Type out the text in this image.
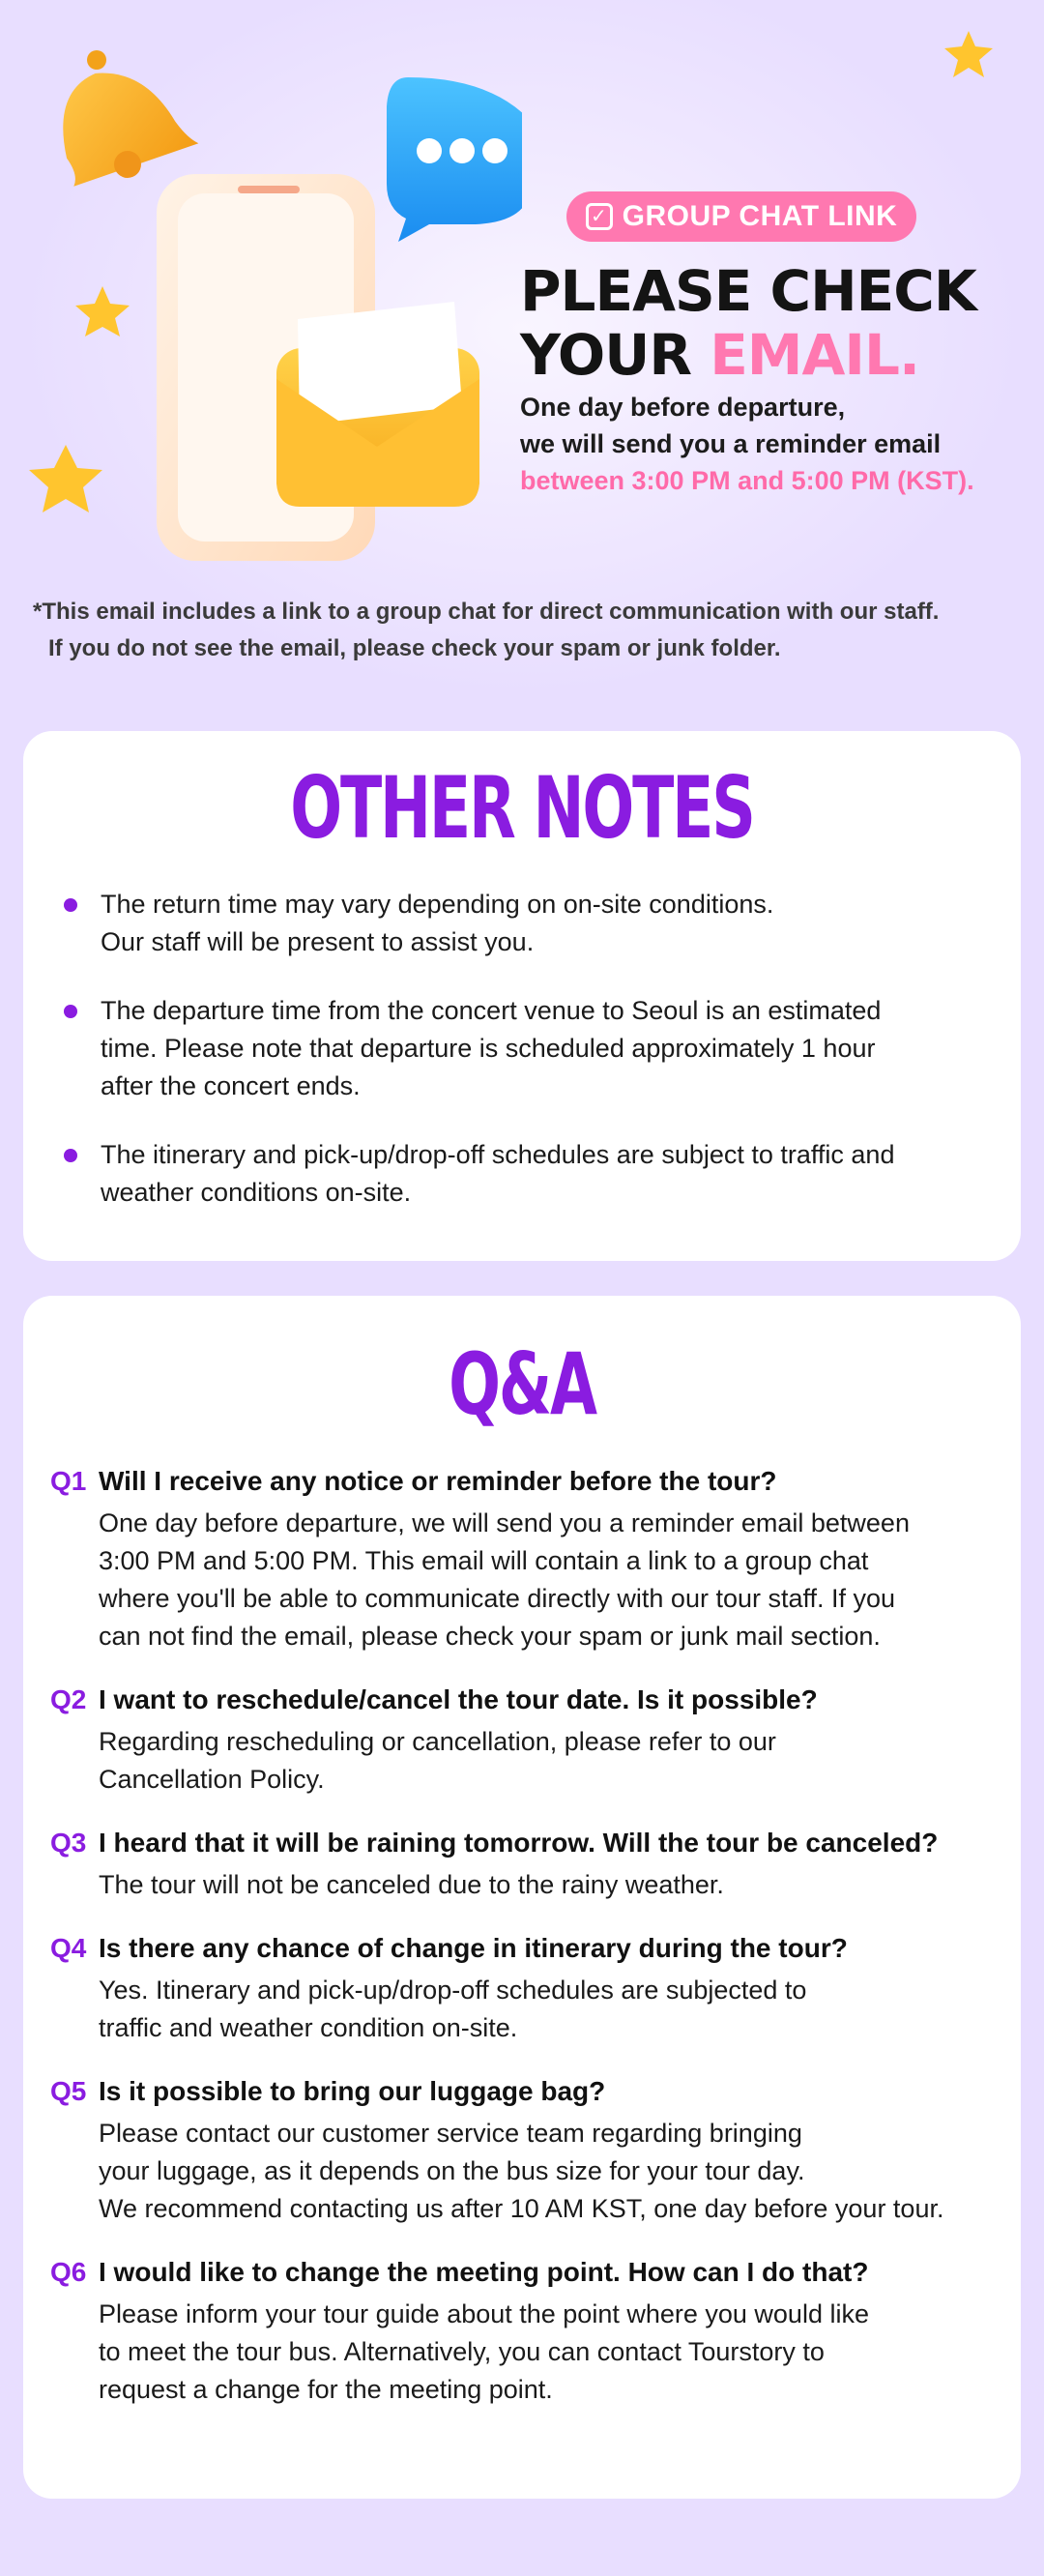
✓ GROUP CHAT LINK
PLEASE CHECK
YOUR EMAIL.
One day before departure,
we will send you a reminder email
between 3:00 PM and 5:00 PM (KST).
*This email includes a link to a group chat for direct communication with our staff.
If you do not see the email, please check your spam or junk folder.
OTHER NOTES
The return time may vary depending on on-site conditions.
Our staff will be present to assist you.
The departure time from the concert venue to Seoul is an estimated
time. Please note that departure is scheduled approximately 1 hour
after the concert ends.
The itinerary and pick-up/drop-off schedules are subject to traffic and
weather conditions on-site.
Q&A
Q1 Will I receive any notice or reminder before the tour?
One day before departure, we will send you a reminder email between
3:00 PM and 5:00 PM. This email will contain a link to a group chat
where you'll be able to communicate directly with our tour staff. If you
can not find the email, please check your spam or junk mail section.
Q2 I want to reschedule/cancel the tour date. Is it possible?
Regarding rescheduling or cancellation, please refer to our
Cancellation Policy.
Q3 I heard that it will be raining tomorrow. Will the tour be canceled?
The tour will not be canceled due to the rainy weather.
Q4 Is there any chance of change in itinerary during the tour?
Yes. Itinerary and pick-up/drop-off schedules are subjected to
traffic and weather condition on-site.
Q5 Is it possible to bring our luggage bag?
Please contact our customer service team regarding bringing
your luggage, as it depends on the bus size for your tour day.
We recommend contacting us after 10 AM KST, one day before your tour.
Q6 I would like to change the meeting point. How can I do that?
Please inform your tour guide about the point where you would like
to meet the tour bus. Alternatively, you can contact Tourstory to
request a change for the meeting point.
